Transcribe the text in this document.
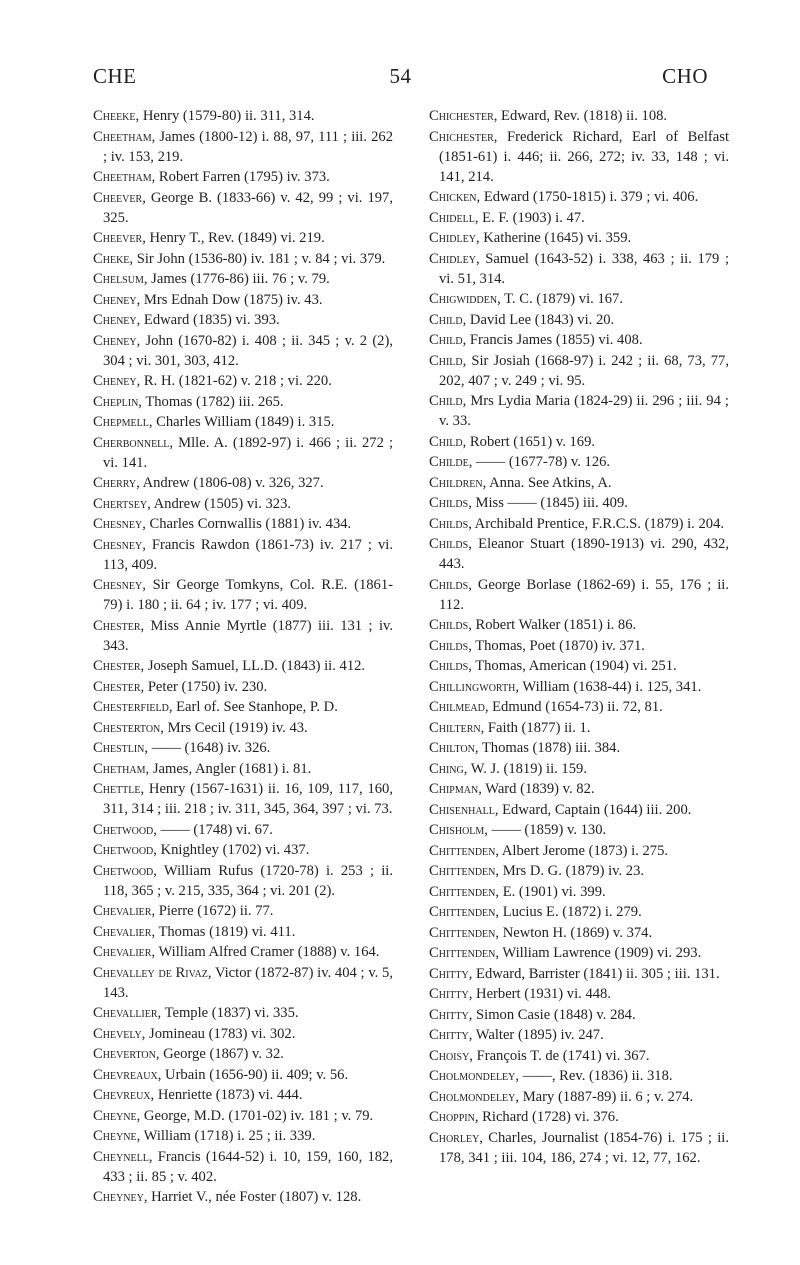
CHE	54	CHO
Cheeke, Henry (1579-80) ii. 311, 314.
Cheetham, James (1800-12) i. 88, 97, 111 ; iii. 262 ; iv. 153, 219.
Cheetham, Robert Farren (1795) iv. 373.
Cheever, George B. (1833-66) v. 42, 99 ; vi. 197, 325.
Cheever, Henry T., Rev. (1849) vi. 219.
Cheke, Sir John (1536-80) iv. 181 ; v. 84 ; vi. 379.
Chelsum, James (1776-86) iii. 76 ; v. 79.
Cheney, Mrs Ednah Dow (1875) iv. 43.
Cheney, Edward (1835) vi. 393.
Cheney, John (1670-82) i. 408 ; ii. 345 ; v. 2 (2), 304 ; vi. 301, 303, 412.
Cheney, R. H. (1821-62) v. 218 ; vi. 220.
Cheplin, Thomas (1782) iii. 265.
Chepmell, Charles William (1849) i. 315.
Cherbonnell, Mlle. A. (1892-97) i. 466 ; ii. 272 ; vi. 141.
Cherry, Andrew (1806-08) v. 326, 327.
Chertsey, Andrew (1505) vi. 323.
Chesney, Charles Cornwallis (1881) iv. 434.
Chesney, Francis Rawdon (1861-73) iv. 217 ; vi. 113, 409.
Chesney, Sir George Tomkyns, Col. R.E. (1861-79) i. 180 ; ii. 64 ; iv. 177 ; vi. 409.
Chester, Miss Annie Myrtle (1877) iii. 131 ; iv. 343.
Chester, Joseph Samuel, LL.D. (1843) ii. 412.
Chester, Peter (1750) iv. 230.
Chesterfield, Earl of. See Stanhope, P. D.
Chesterton, Mrs Cecil (1919) iv. 43.
Chestlin, —— (1648) iv. 326.
Chetham, James, Angler (1681) i. 81.
Chettle, Henry (1567-1631) ii. 16, 109, 117, 160, 311, 314 ; iii. 218 ; iv. 311, 345, 364, 397 ; vi. 73.
Chetwood, —— (1748) vi. 67.
Chetwood, Knightley (1702) vi. 437.
Chetwood, William Rufus (1720-78) i. 253 ; ii. 118, 365 ; v. 215, 335, 364 ; vi. 201 (2).
Chevalier, Pierre (1672) ii. 77.
Chevalier, Thomas (1819) vi. 411.
Chevalier, William Alfred Cramer (1888) v. 164.
Chevalley de Rivaz, Victor (1872-87) iv. 404 ; v. 5, 143.
Chevallier, Temple (1837) vi. 335.
Chevely, Jomineau (1783) vi. 302.
Cheverton, George (1867) v. 32.
Chevreaux, Urbain (1656-90) ii. 409; v. 56.
Chevreux, Henriette (1873) vi. 444.
Cheyne, George, M.D. (1701-02) iv. 181 ; v. 79.
Cheyne, William (1718) i. 25 ; ii. 339.
Cheynell, Francis (1644-52) i. 10, 159, 160, 182, 433 ; ii. 85 ; v. 402.
Cheyney, Harriet V., née Foster (1807) v. 128.
Chichester, Edward, Rev. (1818) ii. 108.
Chichester, Frederick Richard, Earl of Belfast (1851-61) i. 446; ii. 266, 272; iv. 33, 148 ; vi. 141, 214.
Chicken, Edward (1750-1815) i. 379 ; vi. 406.
Chidell, E. F. (1903) i. 47.
Chidley, Katherine (1645) vi. 359.
Chidley, Samuel (1643-52) i. 338, 463 ; ii. 179 ; vi. 51, 314.
Chigwidden, T. C. (1879) vi. 167.
Child, David Lee (1843) vi. 20.
Child, Francis James (1855) vi. 408.
Child, Sir Josiah (1668-97) i. 242 ; ii. 68, 73, 77, 202, 407 ; v. 249 ; vi. 95.
Child, Mrs Lydia Maria (1824-29) ii. 296 ; iii. 94 ; v. 33.
Child, Robert (1651) v. 169.
Childe, —— (1677-78) v. 126.
Children, Anna. See Atkins, A.
Childs, Miss —— (1845) iii. 409.
Childs, Archibald Prentice, F.R.C.S. (1879) i. 204.
Childs, Eleanor Stuart (1890-1913) vi. 290, 432, 443.
Childs, George Borlase (1862-69) i. 55, 176 ; ii. 112.
Childs, Robert Walker (1851) i. 86.
Childs, Thomas, Poet (1870) iv. 371.
Childs, Thomas, American (1904) vi. 251.
Chillingworth, William (1638-44) i. 125, 341.
Chilmead, Edmund (1654-73) ii. 72, 81.
Chiltern, Faith (1877) ii. 1.
Chilton, Thomas (1878) iii. 384.
Ching, W. J. (1819) ii. 159.
Chipman, Ward (1839) v. 82.
Chisenhall, Edward, Captain (1644) iii. 200.
Chisholm, —— (1859) v. 130.
Chittenden, Albert Jerome (1873) i. 275.
Chittenden, Mrs D. G. (1879) iv. 23.
Chittenden, E. (1901) vi. 399.
Chittenden, Lucius E. (1872) i. 279.
Chittenden, Newton H. (1869) v. 374.
Chittenden, William Lawrence (1909) vi. 293.
Chitty, Edward, Barrister (1841) ii. 305 ; iii. 131.
Chitty, Herbert (1931) vi. 448.
Chitty, Simon Casie (1848) v. 284.
Chitty, Walter (1895) iv. 247.
Choisy, François T. de (1741) vi. 367.
Cholmondeley, ——, Rev. (1836) ii. 318.
Cholmondeley, Mary (1887-89) ii. 6 ; v. 274.
Choppin, Richard (1728) vi. 376.
Chorley, Charles, Journalist (1854-76) i. 175 ; ii. 178, 341 ; iii. 104, 186, 274 ; vi. 12, 77, 162.
